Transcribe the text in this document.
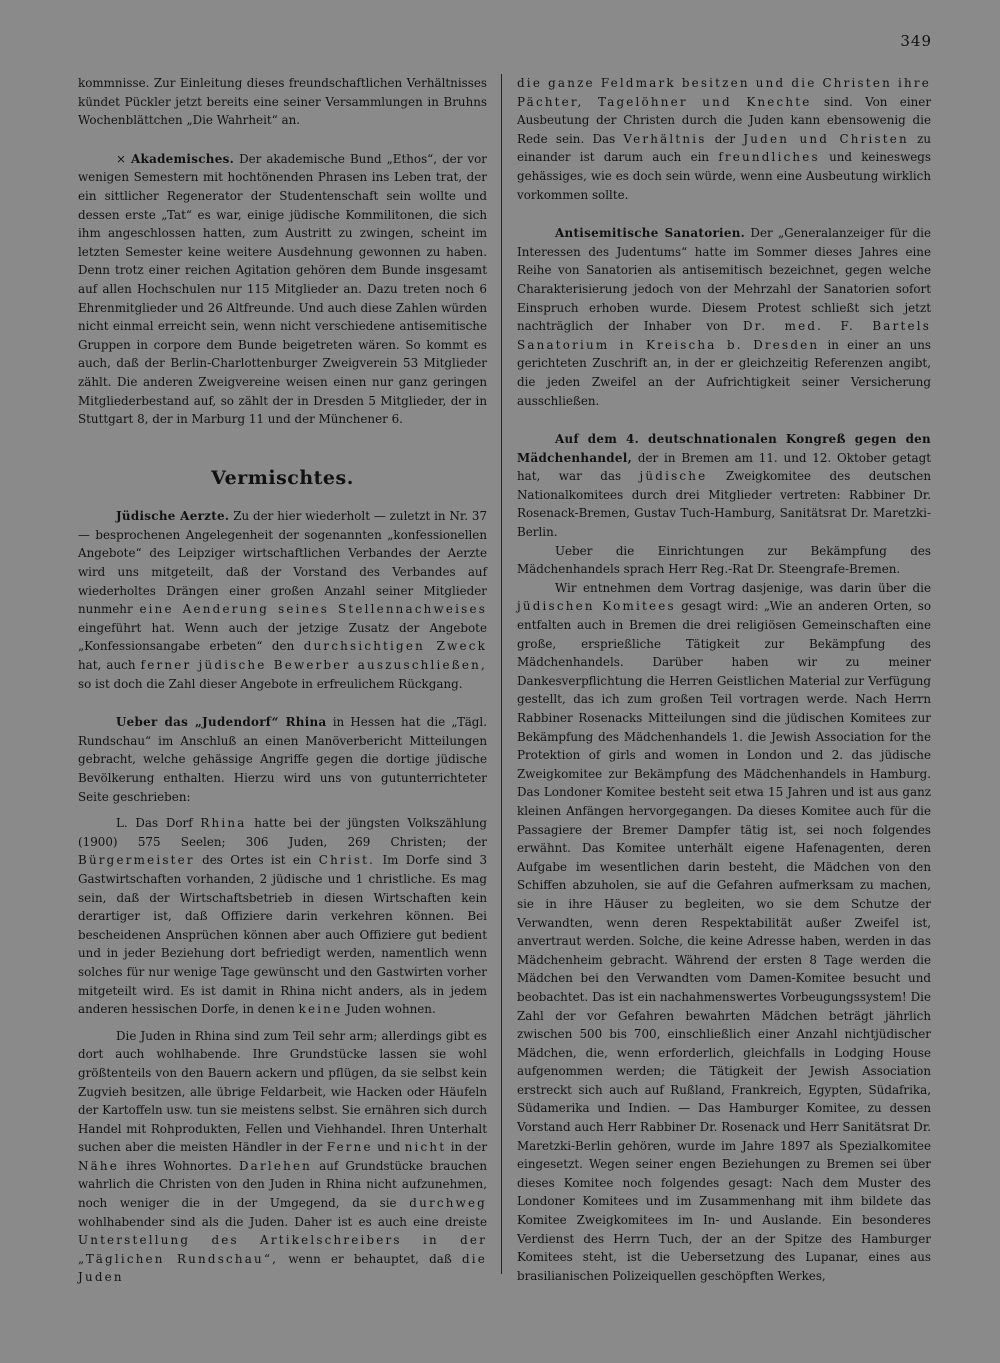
349

kommnisse. Zur Einleitung dieses freundschaftlichen Verhältnisses kündet Pückler jetzt bereits eine seiner Versammlungen in Bruhns Wochenblättchen „Die Wahrheit“ an.

× Akademisches. Der akademische Bund „Ethos“, der vor wenigen Semestern mit hochtönenden Phrasen ins Leben trat, der ein sittlicher Regenerator der Studentenschaft sein wollte und dessen erste „Tat“ es war, einige jüdische Kommilitonen, die sich ihm angeschlossen hatten, zum Austritt zu zwingen, scheint im letzten Semester keine weitere Ausdehnung gewonnen zu haben. Denn trotz einer reichen Agitation gehören dem Bunde insgesamt auf allen Hochschulen nur 115 Mitglieder an. Dazu treten noch 6 Ehrenmitglieder und 26 Altfreunde. Und auch diese Zahlen würden nicht einmal erreicht sein, wenn nicht verschiedene antisemitische Gruppen in corpore dem Bunde beigetreten wären. So kommt es auch, daß der Berlin-Charlottenburger Zweigverein 53 Mitglieder zählt. Die anderen Zweigvereine weisen einen nur ganz geringen Mitgliederbestand auf, so zählt der in Dresden 5 Mitglieder, der in Stuttgart 8, der in Marburg 11 und der Münchener 6.

Vermischtes.

Jüdische Aerzte. Zu der hier wiederholt — zuletzt in Nr. 37 — besprochenen Angelegenheit der sogenannten „konfessionellen Angebote“ des Leipziger wirtschaftlichen Verbandes der Aerzte wird uns mitgeteilt, daß der Vorstand des Verbandes auf wiederholtes Drängen einer großen Anzahl seiner Mitglieder nunmehr eine Aenderung seines Stellennachweises eingeführt hat. Wenn auch der jetzige Zusatz der Angebote „Konfessionsangabe erbeten“ den durchsichtigen Zweck hat, auch ferner jüdische Bewerber auszuschließen, so ist doch die Zahl dieser Angebote in erfreulichem Rückgang.

Ueber das „Judendorf“ Rhina in Hessen hat die „Tägl. Rundschau“ im Anschluß an einen Manöverbericht Mitteilungen gebracht, welche gehässige Angriffe gegen die dortige jüdische Bevölkerung enthalten. Hierzu wird uns von gutunterrichteter Seite geschrieben:

L. Das Dorf Rhina hatte bei der jüngsten Volkszählung (1900) 575 Seelen; 306 Juden, 269 Christen; der Bürgermeister des Ortes ist ein Christ. Im Dorfe sind 3 Gastwirtschaften vorhanden, 2 jüdische und 1 christliche. Es mag sein, daß der Wirtschaftsbetrieb in diesen Wirtschaften kein derartiger ist, daß Offiziere darin verkehren können. Bei bescheidenen Ansprüchen können aber auch Offiziere gut bedient und in jeder Beziehung dort befriedigt werden, namentlich wenn solches für nur wenige Tage gewünscht und den Gastwirten vorher mitgeteilt wird. Es ist damit in Rhina nicht anders, als in jedem anderen hessischen Dorfe, in denen keine Juden wohnen.

Die Juden in Rhina sind zum Teil sehr arm; allerdings gibt es dort auch wohlhabende. Ihre Grundstücke lassen sie wohl größtenteils von den Bauern ackern und pflügen, da sie selbst kein Zugvieh besitzen, alle übrige Feldarbeit, wie Hacken oder Häufeln der Kartoffeln usw. tun sie meistens selbst. Sie ernähren sich durch Handel mit Rohprodukten, Fellen und Viehhandel. Ihren Unterhalt suchen aber die meisten Händler in der Ferne und nicht in der Nähe ihres Wohnortes. Darlehen auf Grundstücke brauchen wahrlich die Christen von den Juden in Rhina nicht aufzunehmen, noch weniger die in der Umgegend, da sie durchweg wohlhabender sind als die Juden. Daher ist es auch eine dreiste Unterstellung des Artikelschreibers in der „Täglichen Rundschau“, wenn er behauptet, daß die Juden

die ganze Feldmark besitzen und die Christen ihre Pächter, Tagelöhner und Knechte sind. Von einer Ausbeutung der Christen durch die Juden kann ebensowenig die Rede sein. Das Verhältnis der Juden und Christen zu einander ist darum auch ein freundliches und keineswegs gehässiges, wie es doch sein würde, wenn eine Ausbeutung wirklich vorkommen sollte.

Antisemitische Sanatorien. Der „Generalanzeiger für die Interessen des Judentums“ hatte im Sommer dieses Jahres eine Reihe von Sanatorien als antisemitisch bezeichnet, gegen welche Charakterisierung jedoch von der Mehrzahl der Sanatorien sofort Einspruch erhoben wurde. Diesem Protest schließt sich jetzt nachträglich der Inhaber von Dr. med. F. Bartels Sanatorium in Kreischa b. Dresden in einer an uns gerichteten Zuschrift an, in der er gleichzeitig Referenzen angibt, die jeden Zweifel an der Aufrichtigkeit seiner Versicherung ausschließen.

Auf dem 4. deutschnationalen Kongreß gegen den Mädchenhandel, der in Bremen am 11. und 12. Oktober getagt hat, war das jüdische Zweigkomitee des deutschen Nationalkomitees durch drei Mitglieder vertreten: Rabbiner Dr. Rosenack-Bremen, Gustav Tuch-Hamburg, Sanitätsrat Dr. Maretzki-Berlin.

Ueber die Einrichtungen zur Bekämpfung des Mädchenhandels sprach Herr Reg.-Rat Dr. Steengrafe-Bremen.

Wir entnehmen dem Vortrag dasjenige, was darin über die jüdischen Komitees gesagt wird: „Wie an anderen Orten, so entfalten auch in Bremen die drei religiösen Gemeinschaften eine große, ersprießliche Tätigkeit zur Bekämpfung des Mädchenhandels. Darüber haben wir zu meiner Dankesverpflichtung die Herren Geistlichen Material zur Verfügung gestellt, das ich zum großen Teil vortragen werde. Nach Herrn Rabbiner Rosenacks Mitteilungen sind die jüdischen Komitees zur Bekämpfung des Mädchenhandels 1. die Jewish Association for the Protektion of girls and women in London und 2. das jüdische Zweigkomitee zur Bekämpfung des Mädchenhandels in Hamburg. Das Londoner Komitee besteht seit etwa 15 Jahren und ist aus ganz kleinen Anfängen hervorgegangen. Da dieses Komitee auch für die Passagiere der Bremer Dampfer tätig ist, sei noch folgendes erwähnt. Das Komitee unterhält eigene Hafenagenten, deren Aufgabe im wesentlichen darin besteht, die Mädchen von den Schiffen abzuholen, sie auf die Gefahren aufmerksam zu machen, sie in ihre Häuser zu begleiten, wo sie dem Schutze der Verwandten, wenn deren Respektabilität außer Zweifel ist, anvertraut werden. Solche, die keine Adresse haben, werden in das Mädchenheim gebracht. Während der ersten 8 Tage werden die Mädchen bei den Verwandten vom Damen-Komitee besucht und beobachtet. Das ist ein nachahmenswertes Vorbeugungssystem! Die Zahl der vor Gefahren bewahrten Mädchen beträgt jährlich zwischen 500 bis 700, einschließlich einer Anzahl nichtjüdischer Mädchen, die, wenn erforderlich, gleichfalls in Lodging House aufgenommen werden; die Tätigkeit der Jewish Association erstreckt sich auch auf Rußland, Frankreich, Egypten, Südafrika, Südamerika und Indien. — Das Hamburger Komitee, zu dessen Vorstand auch Herr Rabbiner Dr. Rosenack und Herr Sanitätsrat Dr. Maretzki-Berlin gehören, wurde im Jahre 1897 als Spezialkomitee eingesetzt. Wegen seiner engen Beziehungen zu Bremen sei über dieses Komitee noch folgendes gesagt: Nach dem Muster des Londoner Komitees und im Zusammenhang mit ihm bildete das Komitee Zweigkomitees im In- und Auslande. Ein besonderes Verdienst des Herrn Tuch, der an der Spitze des Hamburger Komitees steht, ist die Uebersetzung des Lupanar, eines aus brasilianischen Polizeiquellen geschöpften Werkes,
